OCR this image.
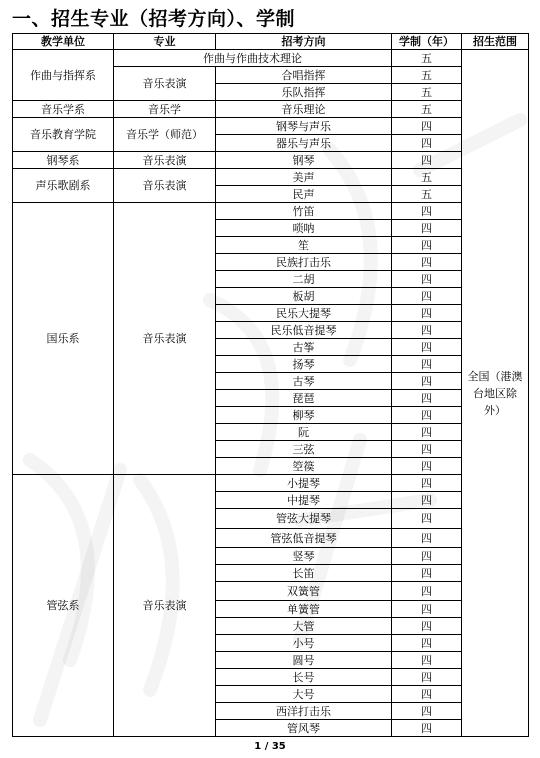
一、招生专业（招考方向）、学制
教学单位	专业	招考方向	学制（年）	招生范围
作曲与指挥系	作曲与作曲技术理论		五	全国（港澳台地区除外）
	音乐表演	合唱指挥	五	
		乐队指挥	五	
音乐学系	音乐学	音乐理论	五	
音乐教育学院	音乐学（师范）	钢琴与声乐	四	
		器乐与声乐	四	
钢琴系	音乐表演	钢琴	四	
声乐歌剧系	音乐表演	美声	五	
		民声	五	
国乐系	音乐表演	竹笛	四	
		唢呐	四	
		笙	四	
		民族打击乐	四	
		二胡	四	
		板胡	四	
		民乐大提琴	四	
		民乐低音提琴	四	
		古筝	四	
		扬琴	四	
		古琴	四	
		琵琶	四	
		柳琴	四	
		阮	四	
		三弦	四	
		箜篌	四	
管弦系	音乐表演	小提琴	四	
		中提琴	四	
		管弦大提琴	四	
		管弦低音提琴	四	
		竖琴	四	
		长笛	四	
		双簧管	四	
		单簧管	四	
		大管	四	
		小号	四	
		圆号	四	
		长号	四	
		大号	四	
		西洋打击乐	四	
		管风琴	四	
1 / 35
